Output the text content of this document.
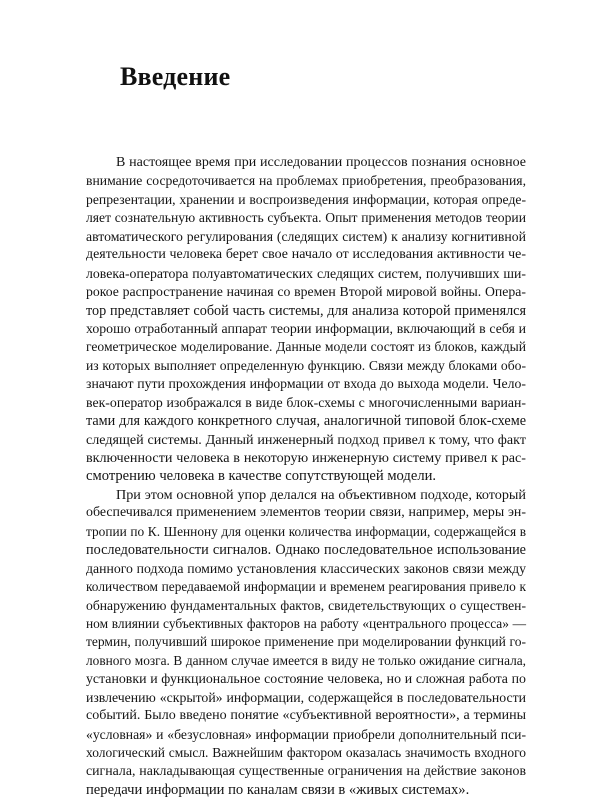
Введение
В настоящее время при исследовании процессов познания основное
внимание сосредоточивается на проблемах приобретения, преобразования,
репрезентации, хранении и воспроизведения информации, которая опреде-
ляет сознательную активность субъекта. Опыт применения методов теории
автоматического регулирования (следящих систем) к анализу когнитивной
деятельности человека берет свое начало от исследования активности че-
ловека-оператора полуавтоматических следящих систем, получивших ши-
рокое распространение начиная со времен Второй мировой войны. Опера-
тор представляет собой часть системы, для анализа которой применялся
хорошо отработанный аппарат теории информации, включающий в себя и
геометрическое моделирование. Данные модели состоят из блоков, каждый
из которых выполняет определенную функцию. Связи между блоками обо-
значают пути прохождения информации от входа до выхода модели. Чело-
век-оператор изображался в виде блок-схемы с многочисленными вариан-
тами для каждого конкретного случая, аналогичной типовой блок-схеме
следящей системы. Данный инженерный подход привел к тому, что факт
включенности человека в некоторую инженерную систему привел к рас-
смотрению человека в качестве сопутствующей модели.
При этом основной упор делался на объективном подходе, который
обеспечивался применением элементов теории связи, например, меры эн-
тропии по К. Шеннону для оценки количества информации, содержащейся в
последовательности сигналов. Однако последовательное использование
данного подхода помимо установления классических законов связи между
количеством передаваемой информации и временем реагирования привело к
обнаружению фундаментальных фактов, свидетельствующих о существен-
ном влиянии субъективных факторов на работу «центрального процесса» —
термин, получивший широкое применение при моделировании функций го-
ловного мозга. В данном случае имеется в виду не только ожидание сигнала,
установки и функциональное состояние человека, но и сложная работа по
извлечению «скрытой» информации, содержащейся в последовательности
событий. Было введено понятие «субъективной вероятности», а термины
«условная» и «безусловная» информации приобрели дополнительный пси-
хологический смысл. Важнейшим фактором оказалась значимость входного
сигнала, накладывающая существенные ограничения на действие законов
передачи информации по каналам связи в «живых системах».
